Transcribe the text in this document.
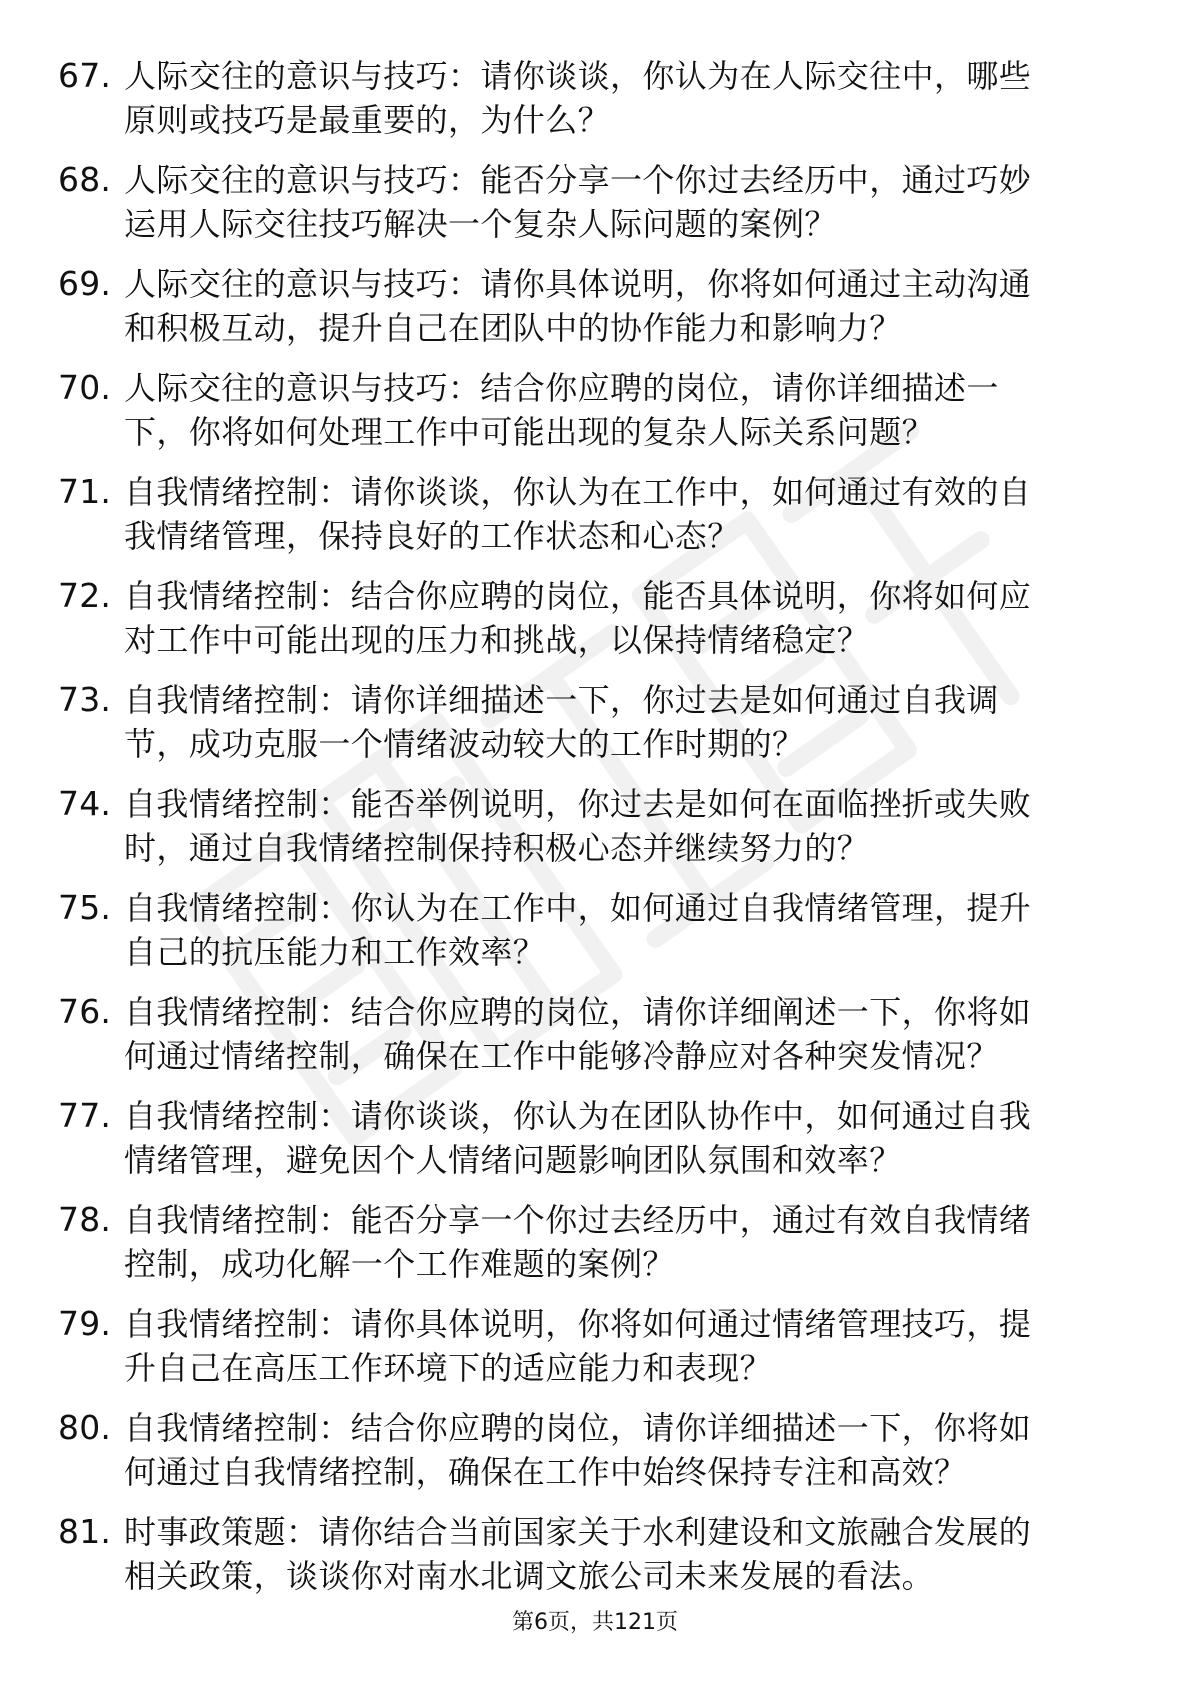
67. 人际交往的意识与技巧：请你谈谈，你认为在人际交往中，哪些
原则或技巧是最重要的，为什么？
68. 人际交往的意识与技巧：能否分享一个你过去经历中，通过巧妙
运用人际交往技巧解决一个复杂人际问题的案例？
69. 人际交往的意识与技巧：请你具体说明，你将如何通过主动沟通
和积极互动，提升自己在团队中的协作能力和影响力？
70. 人际交往的意识与技巧：结合你应聘的岗位，请你详细描述一
下，你将如何处理工作中可能出现的复杂人际关系问题？
71. 自我情绪控制：请你谈谈，你认为在工作中，如何通过有效的自
我情绪管理，保持良好的工作状态和心态？
72. 自我情绪控制：结合你应聘的岗位，能否具体说明，你将如何应
对工作中可能出现的压力和挑战，以保持情绪稳定？
73. 自我情绪控制：请你详细描述一下，你过去是如何通过自我调
节，成功克服一个情绪波动较大的工作时期的？
74. 自我情绪控制：能否举例说明，你过去是如何在面临挫折或失败
时，通过自我情绪控制保持积极心态并继续努力的？
75. 自我情绪控制：你认为在工作中，如何通过自我情绪管理，提升
自己的抗压能力和工作效率？
76. 自我情绪控制：结合你应聘的岗位，请你详细阐述一下，你将如
何通过情绪控制，确保在工作中能够冷静应对各种突发情况？
77. 自我情绪控制：请你谈谈，你认为在团队协作中，如何通过自我
情绪管理，避免因个人情绪问题影响团队氛围和效率？
78. 自我情绪控制：能否分享一个你过去经历中，通过有效自我情绪
控制，成功化解一个工作难题的案例？
79. 自我情绪控制：请你具体说明，你将如何通过情绪管理技巧，提
升自己在高压工作环境下的适应能力和表现？
80. 自我情绪控制：结合你应聘的岗位，请你详细描述一下，你将如
何通过自我情绪控制，确保在工作中始终保持专注和高效？
81. 时事政策题：请你结合当前国家关于水利建设和文旅融合发展的
相关政策，谈谈你对南水北调文旅公司未来发展的看法。
第6页，共121页
